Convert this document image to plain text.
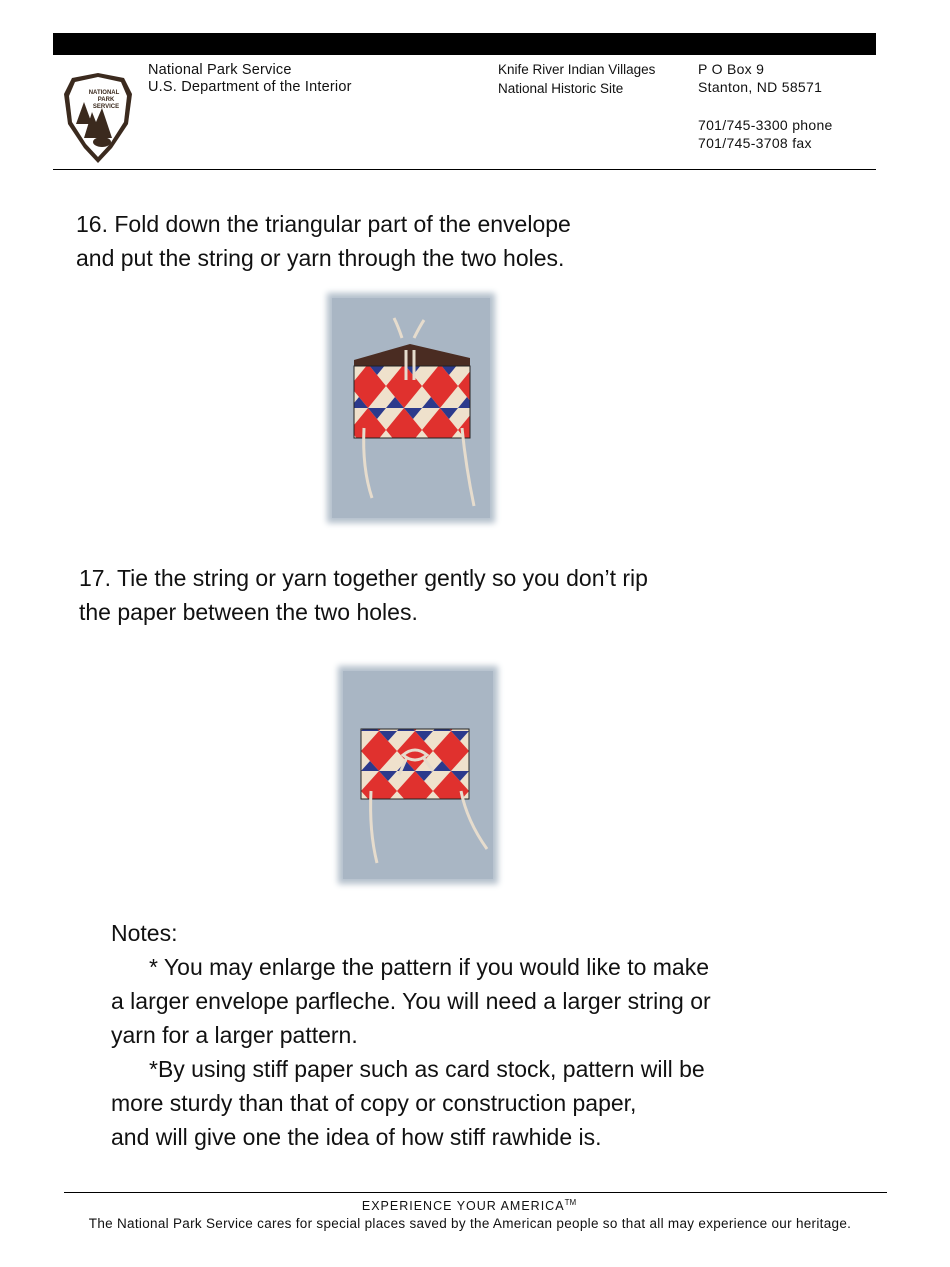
NATIONAL
PARK
SERVICE
National Park Service
U.S. Department of the Interior
Knife River Indian Villages
National Historic Site
P O Box 9
Stanton, ND 58571
701/745-3300 phone
701/745-3708 fax
16. Fold down the triangular part of the envelope
and put the string or yarn through the two holes.
17. Tie the string or yarn together gently so you don’t rip
the paper between the two holes.

Notes:

* You may enlarge the pattern if you would like to make

a larger envelope parfleche. You will need a larger string or

yarn for a larger pattern.

*By using stiff paper such as card stock, pattern will be

more sturdy than that of copy or construction paper,

and will give one the idea of how stiff rawhide is.

EXPERIENCE YOUR AMERICA™
The National Park Service cares for special places saved by the American people so that all may experience our heritage.
